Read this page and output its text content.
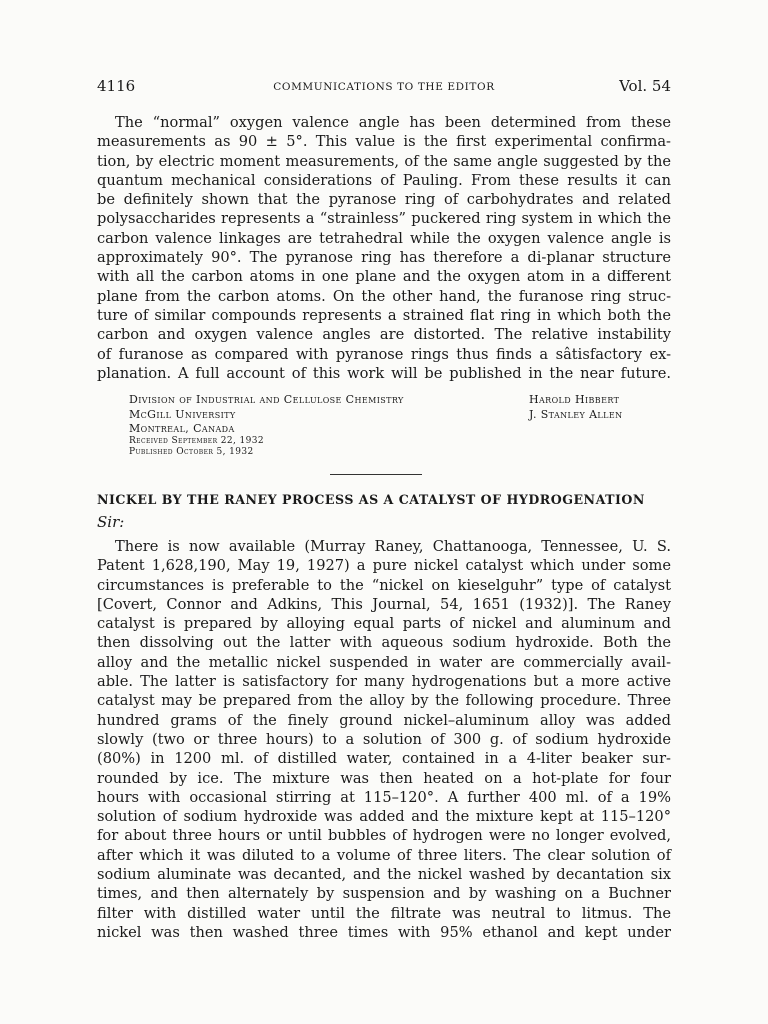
4116	COMMUNICATIONS TO THE EDITOR	Vol. 54
The “normal” oxygen valence angle has been determined from these
measurements as 90 ± 5°. This value is the first experimental confirma-
tion, by electric moment measurements, of the same angle suggested by the
quantum mechanical considerations of Pauling. From these results it can
be definitely shown that the pyranose ring of carbohydrates and related
polysaccharides represents a “strainless” puckered ring system in which the
carbon valence linkages are tetrahedral while the oxygen valence angle is
approximately 90°. The pyranose ring has therefore a di-planar structure
with all the carbon atoms in one plane and the oxygen atom in a different
plane from the carbon atoms. On the other hand, the furanose ring struc-
ture of similar compounds represents a strained flat ring in which both the
carbon and oxygen valence angles are distorted. The relative instability
of furanose as compared with pyranose rings thus finds a sâtisfactory ex-
planation. A full account of this work will be published in the near future.
Division of Industrial and Cellulose Chemistry
McGill University
Montreal, Canada
Harold Hibbert
J. Stanley Allen
Received September 22, 1932
Published October 5, 1932
NICKEL BY THE RANEY PROCESS AS A CATALYST OF HYDROGENATION
Sir:
There is now available (Murray Raney, Chattanooga, Tennessee, U. S.
Patent 1,628,190, May 19, 1927) a pure nickel catalyst which under some
circumstances is preferable to the “nickel on kieselguhr” type of catalyst
[Covert, Connor and Adkins, This Journal, 54, 1651 (1932)]. The Raney
catalyst is prepared by alloying equal parts of nickel and aluminum and
then dissolving out the latter with aqueous sodium hydroxide. Both the
alloy and the metallic nickel suspended in water are commercially avail-
able. The latter is satisfactory for many hydrogenations but a more active
catalyst may be prepared from the alloy by the following procedure. Three
hundred grams of the finely ground nickel–aluminum alloy was added
slowly (two or three hours) to a solution of 300 g. of sodium hydroxide
(80%) in 1200 ml. of distilled water, contained in a 4-liter beaker sur-
rounded by ice. The mixture was then heated on a hot-plate for four
hours with occasional stirring at 115–120°. A further 400 ml. of a 19%
solution of sodium hydroxide was added and the mixture kept at 115–120°
for about three hours or until bubbles of hydrogen were no longer evolved,
after which it was diluted to a volume of three liters. The clear solution of
sodium aluminate was decanted, and the nickel washed by decantation six
times, and then alternately by suspension and by washing on a Buchner
filter with distilled water until the filtrate was neutral to litmus. The
nickel was then washed three times with 95% ethanol and kept under
